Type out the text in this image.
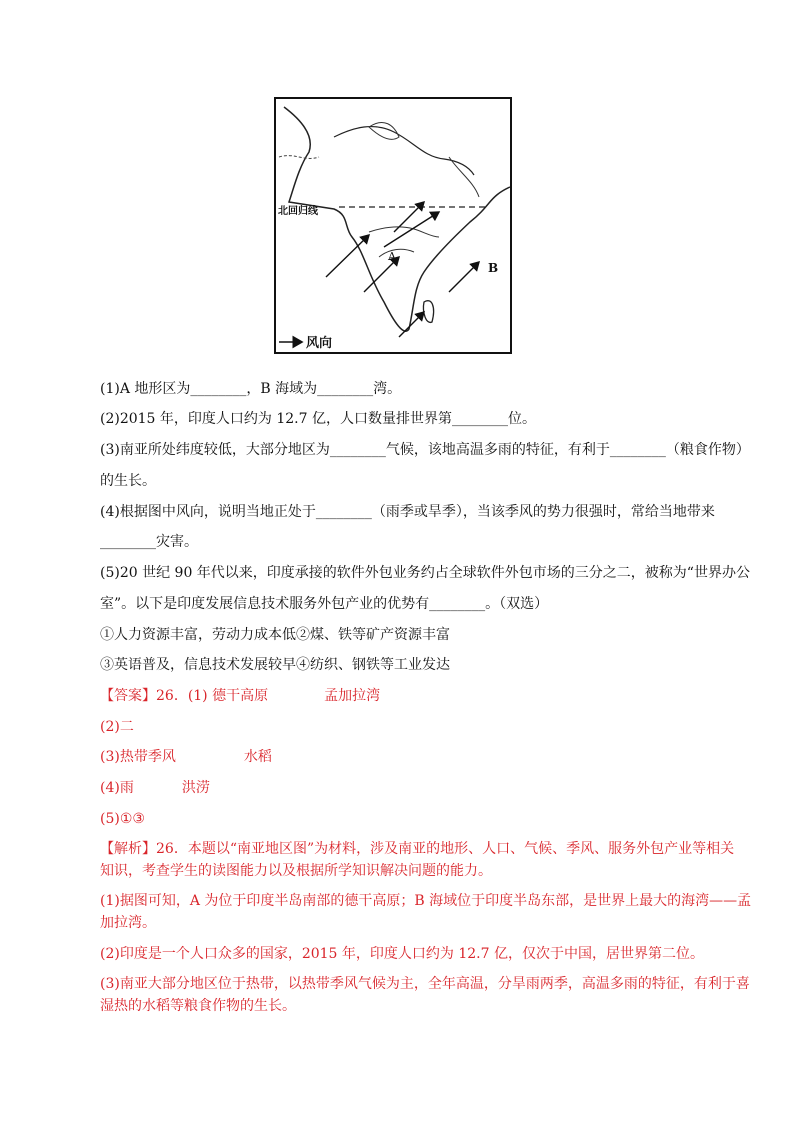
北回归线
A
B
风向
(1)A 地形区为________，B 海域为________湾。
(2)2015 年，印度人口约为 12.7 亿，人口数量排世界第________位。
(3)南亚所处纬度较低，大部分地区为________气候，该地高温多雨的特征，有利于________（粮食作物）
的生长。
(4)根据图中风向，说明当地正处于________（雨季或旱季），当该季风的势力很强时，常给当地带来
________灾害。
(5)20 世纪 90 年代以来，印度承接的软件外包业务约占全球软件外包市场的三分之二，被称为“世界办公
室”。以下是印度发展信息技术服务外包产业的优势有________。（双选）
①人力资源丰富，劳动力成本低②煤、铁等矿产资源丰富
③英语普及，信息技术发展较早④纺织、钢铁等工业发达
【答案】26．(1) 德干高原	孟加拉湾
(2)二
(3)热带季风	水稻
(4)雨	洪涝
(5)①③
【解析】26．本题以“南亚地区图”为材料，涉及南亚的地形、人口、气候、季风、服务外包产业等相关
知识，考查学生的读图能力以及根据所学知识解决问题的能力。
(1)据图可知，A 为位于印度半岛南部的德干高原；B 海域位于印度半岛东部，是世界上最大的海湾——孟
加拉湾。
(2)印度是一个人口众多的国家，2015 年，印度人口约为 12.7 亿，仅次于中国，居世界第二位。
(3)南亚大部分地区位于热带，以热带季风气候为主，全年高温，分旱雨两季，高温多雨的特征，有利于喜
湿热的水稻等粮食作物的生长。
